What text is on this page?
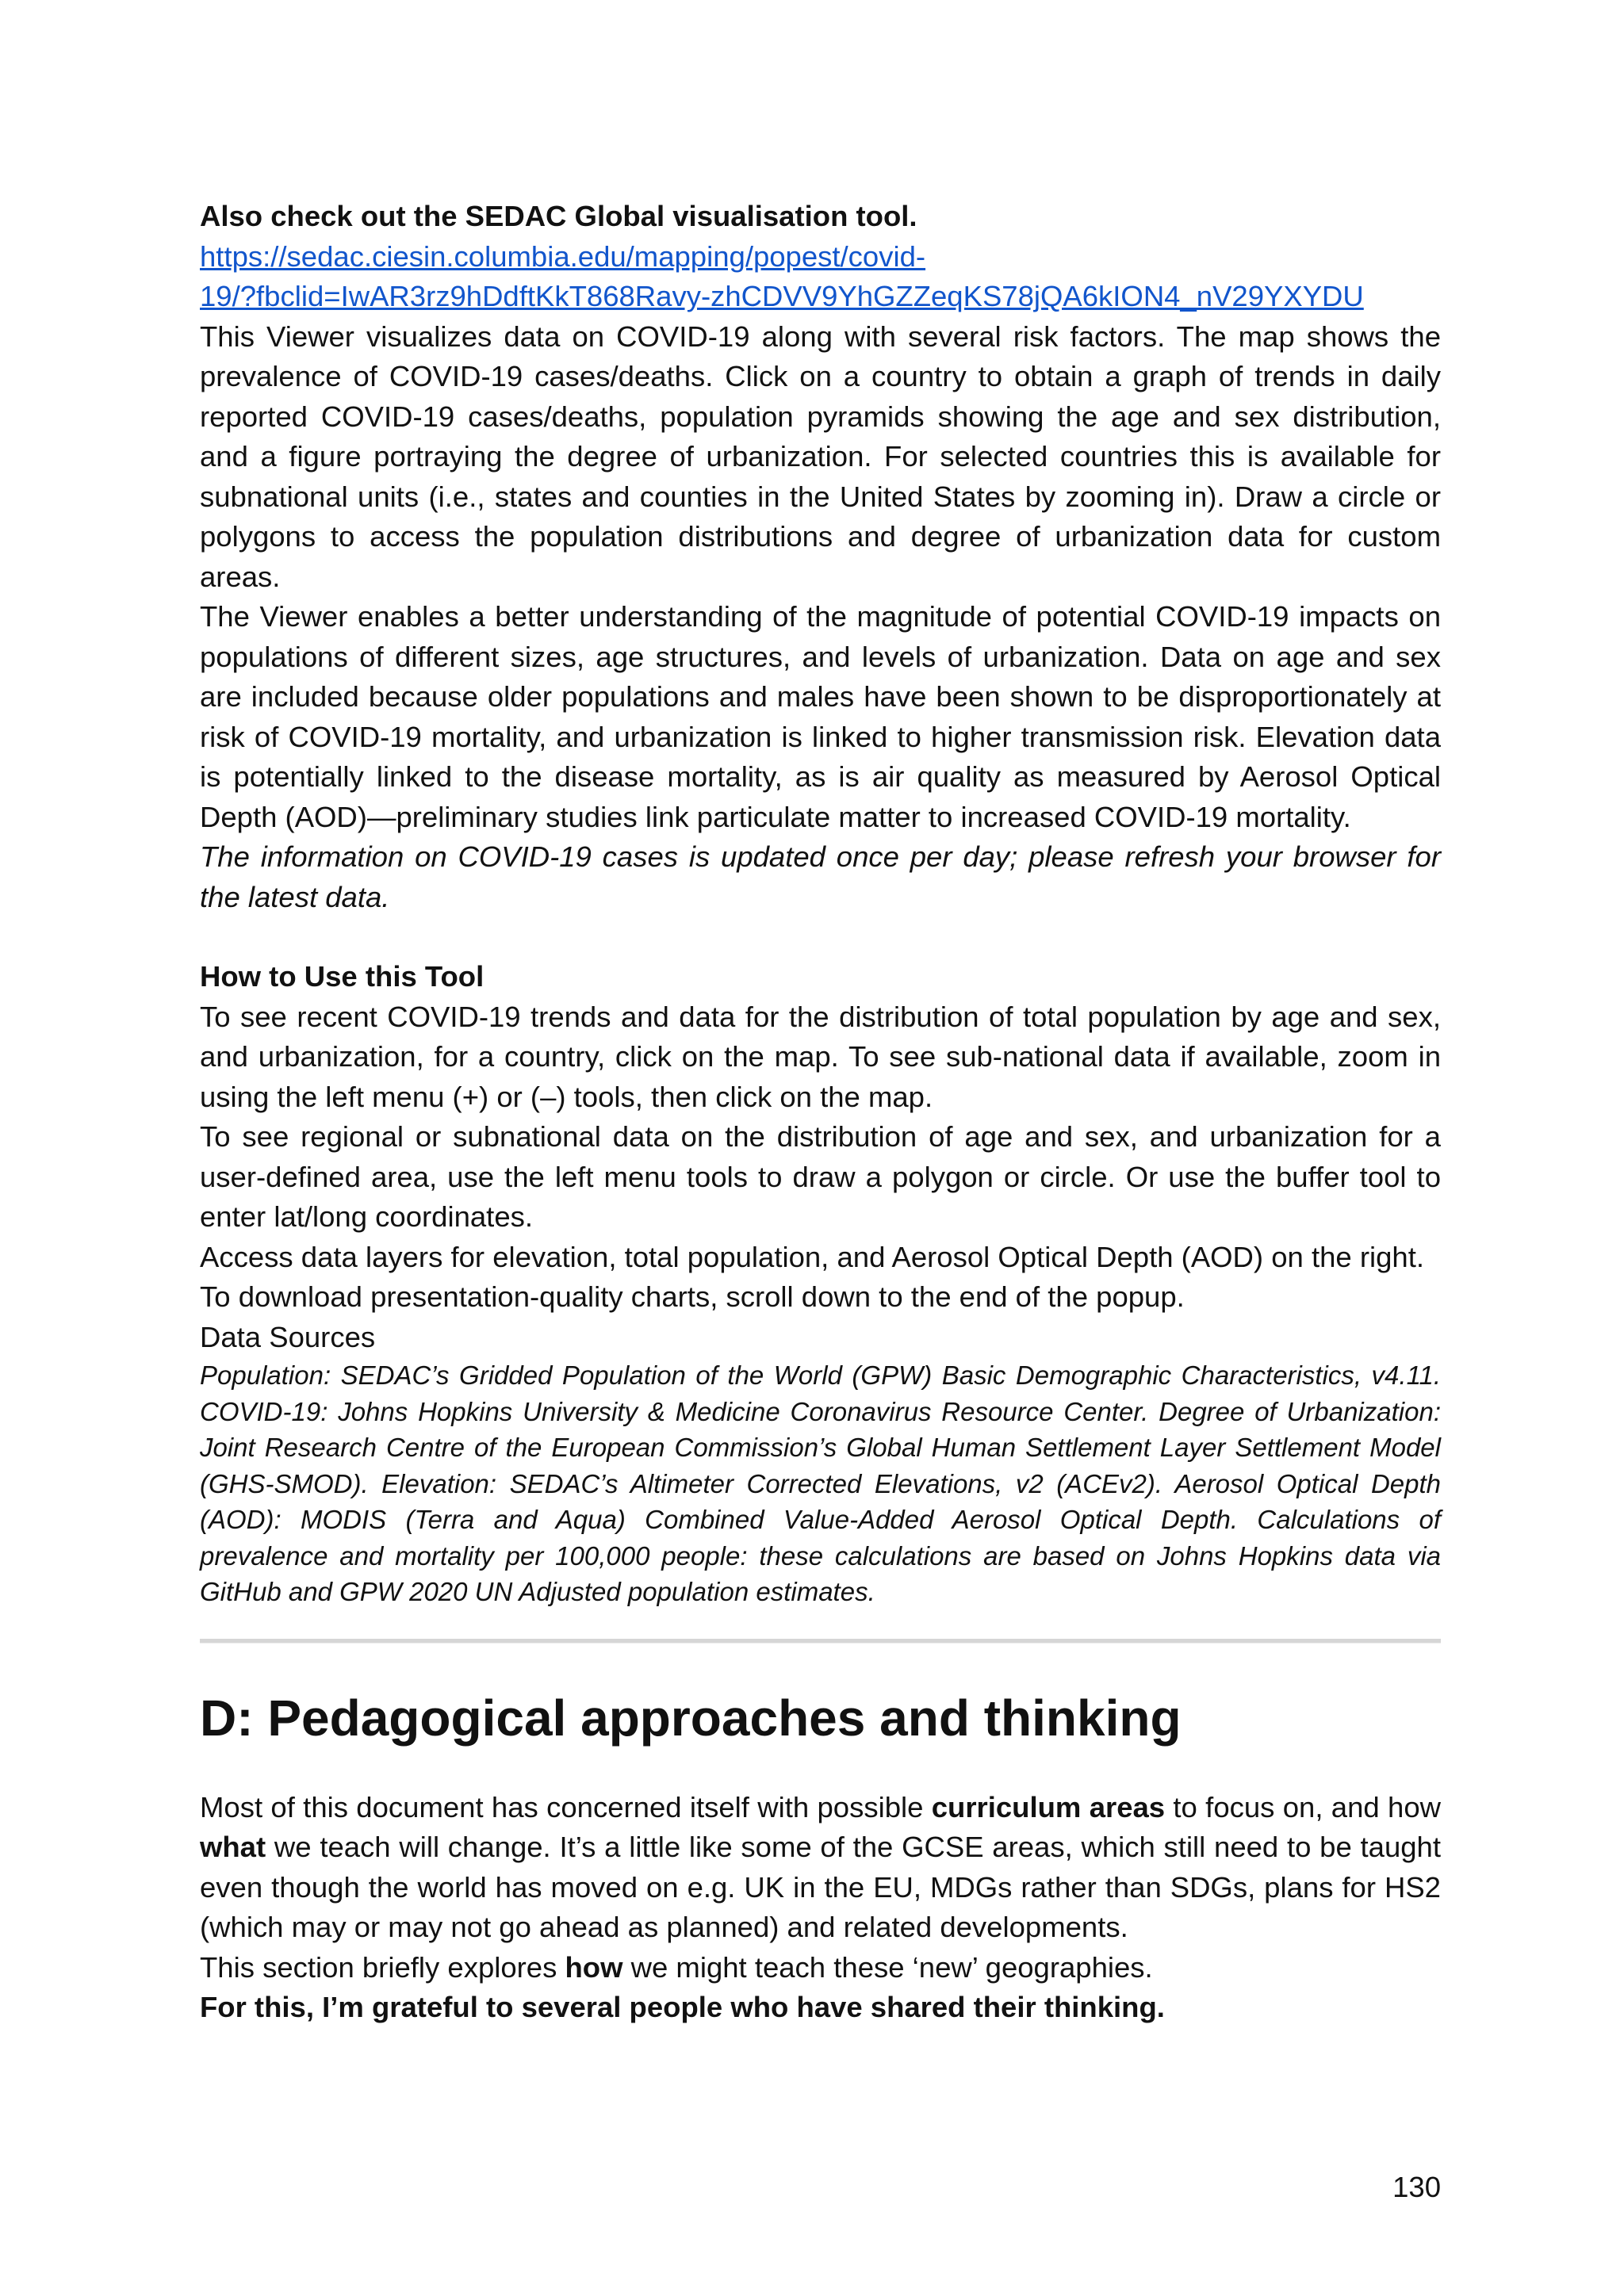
Also check out the SEDAC Global visualisation tool.

https://sedac.ciesin.columbia.edu/mapping/popest/covid-
19/?fbclid=IwAR3rz9hDdftKkT868Ravy-zhCDVV9YhGZZeqKS78jQA6kION4_nV29YXYDU

This Viewer visualizes data on COVID-19 along with several risk factors. The map shows the prevalence of COVID-19 cases/deaths. Click on a country to obtain a graph of trends in daily reported COVID-19 cases/deaths, population pyramids showing the age and sex distribution, and a figure portraying the degree of urbanization. For selected countries this is available for subnational units (i.e., states and counties in the United States by zooming in). Draw a circle or polygons to access the population distributions and degree of urbanization data for custom areas.

The Viewer enables a better understanding of the magnitude of potential COVID-19 impacts on populations of different sizes, age structures, and levels of urbanization. Data on age and sex are included because older populations and males have been shown to be disproportionately at risk of COVID-19 mortality, and urbanization is linked to higher transmission risk. Elevation data is potentially linked to the disease mortality, as is air quality as measured by Aerosol Optical Depth (AOD)—preliminary studies link particulate matter to increased COVID-19 mortality.

The information on COVID-19 cases is updated once per day; please refresh your browser for the latest data.

How to Use this Tool

To see recent COVID-19 trends and data for the distribution of total population by age and sex, and urbanization, for a country, click on the map. To see sub-national data if available, zoom in using the left menu (+) or (–) tools, then click on the map.

To see regional or subnational data on the distribution of age and sex, and urbanization for a user-defined area, use the left menu tools to draw a polygon or circle. Or use the buffer tool to enter lat/long coordinates.

Access data layers for elevation, total population, and Aerosol Optical Depth (AOD) on the right.

To download presentation-quality charts, scroll down to the end of the popup.

Data Sources

Population: SEDAC’s Gridded Population of the World (GPW) Basic Demographic Characteristics, v4.11. COVID-19: Johns Hopkins University & Medicine Coronavirus Resource Center. Degree of Urbanization: Joint Research Centre of the European Commission’s Global Human Settlement Layer Settlement Model (GHS-SMOD). Elevation: SEDAC’s Altimeter Corrected Elevations, v2 (ACEv2). Aerosol Optical Depth (AOD): MODIS (Terra and Aqua) Combined Value-Added Aerosol Optical Depth. Calculations of prevalence and mortality per 100,000 people: these calculations are based on Johns Hopkins data via GitHub and GPW 2020 UN Adjusted population estimates.

D: Pedagogical approaches and thinking

Most of this document has concerned itself with possible curriculum areas to focus on, and how what we teach will change. It’s a little like some of the GCSE areas, which still need to be taught even though the world has moved on e.g. UK in the EU, MDGs rather than SDGs, plans for HS2 (which may or may not go ahead as planned) and related developments.

This section briefly explores how we might teach these ‘new’ geographies.

For this, I’m grateful to several people who have shared their thinking.

130
